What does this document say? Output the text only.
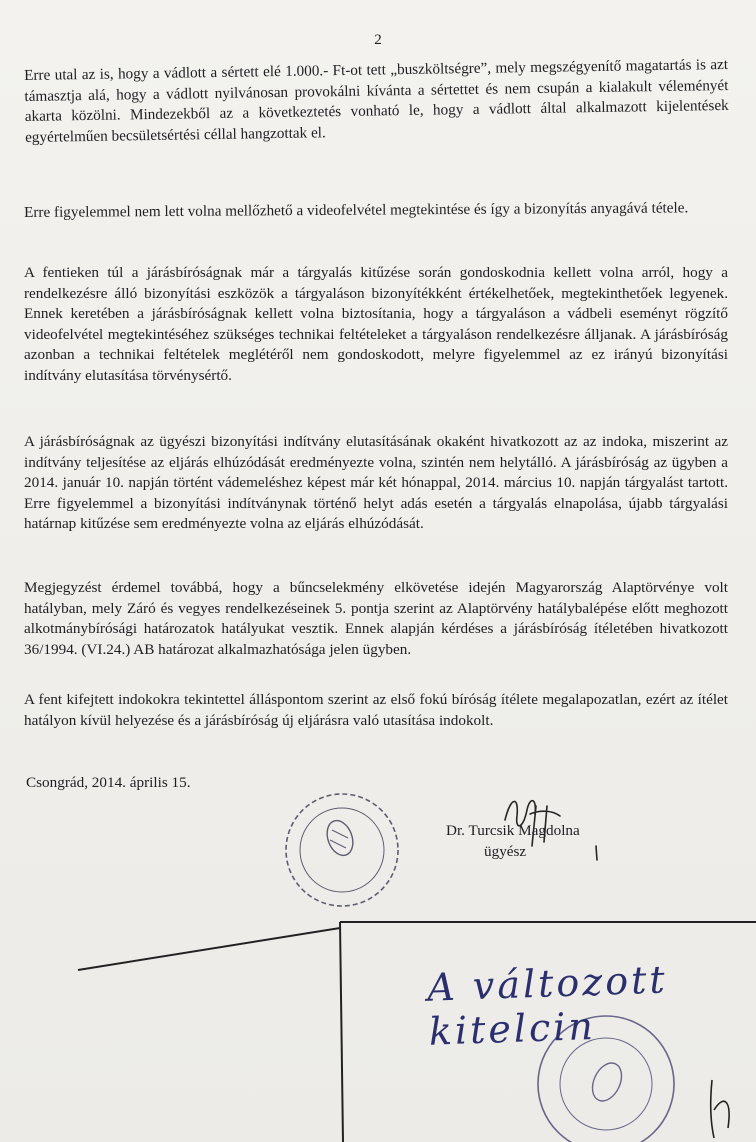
2
Erre utal az is, hogy a vádlott a sértett elé 1.000.- Ft-ot tett „buszköltségre”, mely megszégyenítő magatartás is azt támasztja alá, hogy a vádlott nyilvánosan provokálni kívánta a sértettet és nem csupán a kialakult véleményét akarta közölni. Mindezekből az a következtetés vonható le, hogy a vádlott által alkalmazott kijelentések egyértelműen becsületsértési céllal hangzottak el.
Erre figyelemmel nem lett volna mellőzhető a videofelvétel megtekintése és így a bizonyítás anyagává tétele.
A fentieken túl a járásbíróságnak már a tárgyalás kitűzése során gondoskodnia kellett volna arról, hogy a rendelkezésre álló bizonyítási eszközök a tárgyaláson bizonyítékként értékelhetőek, megtekinthetőek legyenek. Ennek keretében a járásbíróságnak kellett volna biztosítania, hogy a tárgyaláson a vádbeli eseményt rögzítő videofelvétel megtekintéséhez szükséges technikai feltételeket a tárgyaláson rendelkezésre álljanak. A járásbíróság azonban a technikai feltételek meglétéről nem gondoskodott, melyre figyelemmel az ez irányú bizonyítási indítvány elutasítása törvénysértő.
A járásbíróságnak az ügyészi bizonyítási indítvány elutasításának okaként hivatkozott az az indoka, miszerint az indítvány teljesítése az eljárás elhúzódását eredményezte volna, szintén nem helytálló. A járásbíróság az ügyben a 2014. január 10. napján történt vádemeléshez képest már két hónappal, 2014. március 10. napján tárgyalást tartott. Erre figyelemmel a bizonyítási indítványnak történő helyt adás esetén a tárgyalás elnapolása, újabb tárgyalási határnap kitűzése sem eredményezte volna az eljárás elhúzódását.
Megjegyzést érdemel továbbá, hogy a bűncselekmény elkövetése idején Magyarország Alaptörvénye volt hatályban, mely Záró és vegyes rendelkezéseinek 5. pontja szerint az Alaptörvény hatálybalépése előtt meghozott alkotmánybírósági határozatok hatályukat vesztik. Ennek alapján kérdéses a járásbíróság ítéletében hivatkozott 36/1994. (VI.24.) AB határozat alkalmazhatósága jelen ügyben.
A fent kifejtett indokokra tekintettel álláspontom szerint az első fokú bíróság ítélete megalapozatlan, ezért az ítélet hatályon kívül helyezése és a járásbíróság új eljárásra való utasítása indokolt.
Csongrád, 2014. április 15.
Dr. Turcsik Magdolna
ügyész
A változott kitelcin
